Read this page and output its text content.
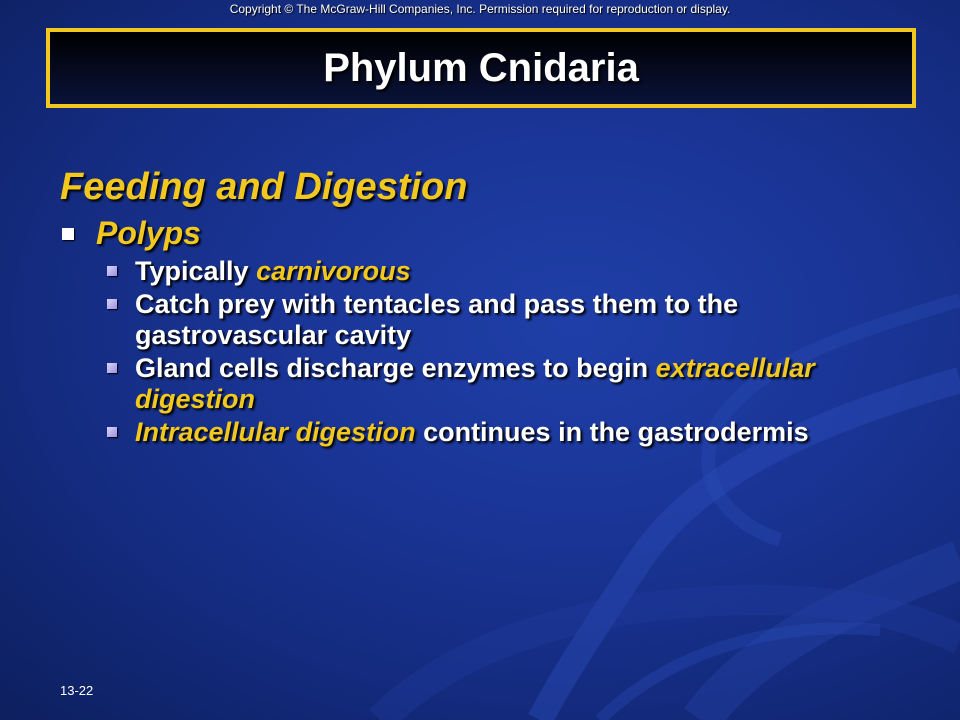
Copyright © The McGraw-Hill Companies, Inc. Permission required for reproduction or display.
Phylum Cnidaria
Feeding and Digestion
Polyps
Typically carnivorous
Catch prey with tentacles and pass them to the gastrovascular cavity
Gland cells discharge enzymes to begin extracellular digestion
Intracellular digestion continues in the gastrodermis
13-22
